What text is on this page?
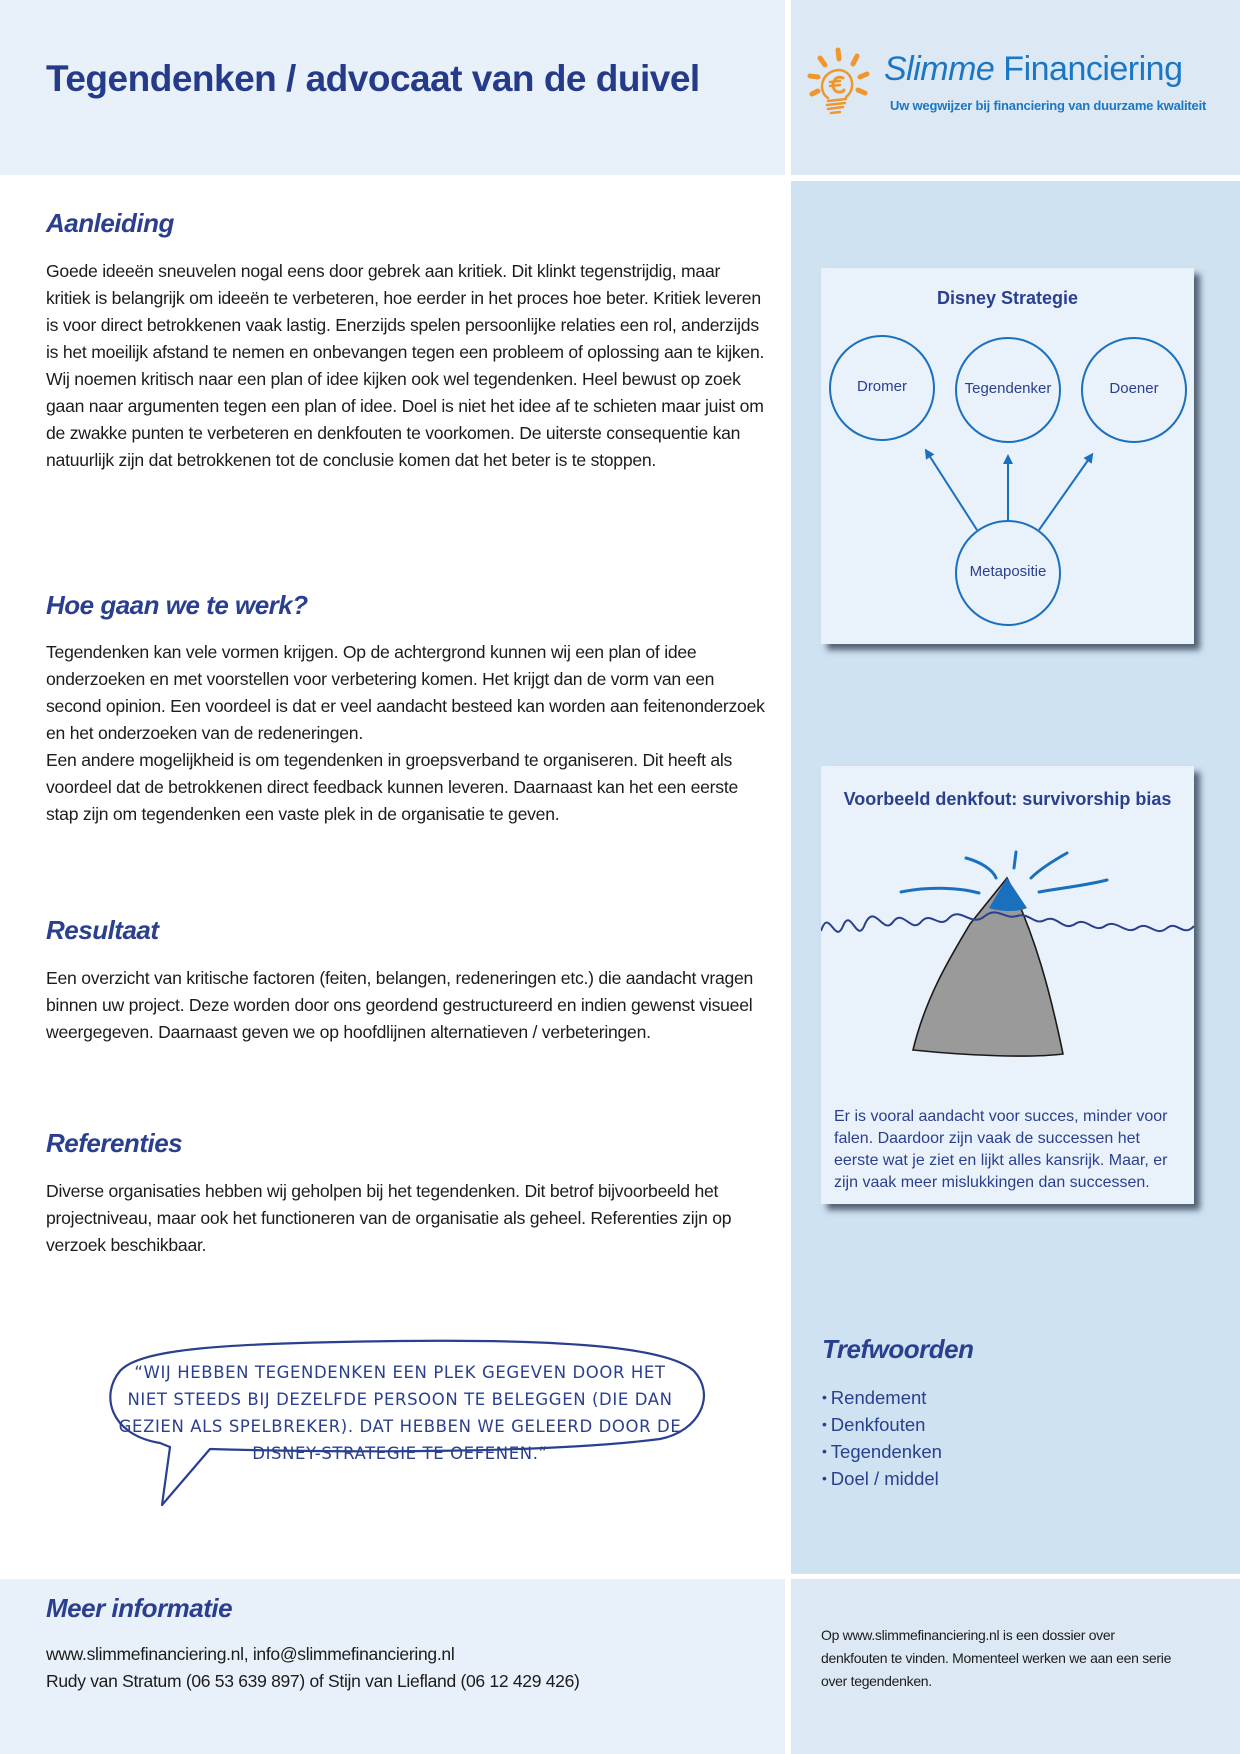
Tegendenken / advocaat van de duivel	Slimme Financiering
Uw wegwijzer bij financiering van duurzame kwaliteit
Aanleiding

Goede ideeën sneuvelen nogal eens door gebrek aan kritiek. Dit klinkt tegenstrijdig, maar kritiek is belangrijk om ideeën te verbeteren, hoe eerder in het proces hoe beter. Kritiek leveren is voor direct betrokkenen vaak lastig. Enerzijds spelen persoonlijke relaties een rol, anderzijds is het moeilijk afstand te nemen en onbevangen tegen een probleem of oplossing aan te kijken.

Wij noemen kritisch naar een plan of idee kijken ook wel tegendenken. Heel bewust op zoek gaan naar argumenten tegen een plan of idee. Doel is niet het idee af te schieten maar juist om de zwakke punten te verbeteren en denkfouten te voorkomen. De uiterste consequentie kan natuurlijk zijn dat betrokkenen tot de conclusie komen dat het beter is te stoppen.

Hoe gaan we te werk?

Tegendenken kan vele vormen krijgen. Op de achtergrond kunnen wij een plan of idee onderzoeken en met voorstellen voor verbetering komen. Het krijgt dan de vorm van een second opinion. Een voordeel is dat er veel aandacht besteed kan worden aan feitenonderzoek en het onderzoeken van de redeneringen.

Een andere mogelijkheid is om tegendenken in groepsverband te organiseren. Dit heeft als voordeel dat de betrokkenen direct feedback kunnen leveren. Daarnaast kan het een eerste stap zijn om tegendenken een vaste plek in de organisatie te geven.

Resultaat

Een overzicht van kritische factoren (feiten, belangen, redeneringen etc.) die aandacht vragen binnen uw project. Deze worden door ons geordend gestructureerd en indien gewenst visueel weergegeven. Daarnaast geven we op hoofdlijnen alternatieven / verbeteringen.

Referenties

Diverse organisaties hebben wij geholpen bij het tegendenken. Dit betrof bijvoorbeeld het projectniveau, maar ook het functioneren van de organisatie als geheel. Referenties zijn op verzoek beschikbaar.

“WIJ HEBBEN TEGENDENKEN EEN PLEK GEGEVEN DOOR HET NIET STEEDS BIJ DEZELFDE PERSOON TE BELEGGEN (DIE DAN GEZIEN ALS SPELBREKER). DAT HEBBEN WE GELEERD DOOR DE DISNEY-STRATEGIE TE OEFENEN.”
Disney Strategie
Dromer	Tegendenker	Doener
Metapositie
Voorbeeld denkfout: survivorship bias
Er is vooral aandacht voor succes, minder voor falen. Daardoor zijn vaak de successen het eerste wat je ziet en lijkt alles kansrijk. Maar, er zijn vaak meer mislukkingen dan successen.
Trefwoorden
• Rendement
• Denkfouten
• Tegendenken
• Doel / middel
Meer informatie
www.slimmefinanciering.nl, info@slimmefinanciering.nl
Rudy van Stratum (06 53 639 897) of Stijn van Liefland (06 12 429 426)
Op www.slimmefinanciering.nl is een dossier over denkfouten te vinden. Momenteel werken we aan een serie over tegendenken.
